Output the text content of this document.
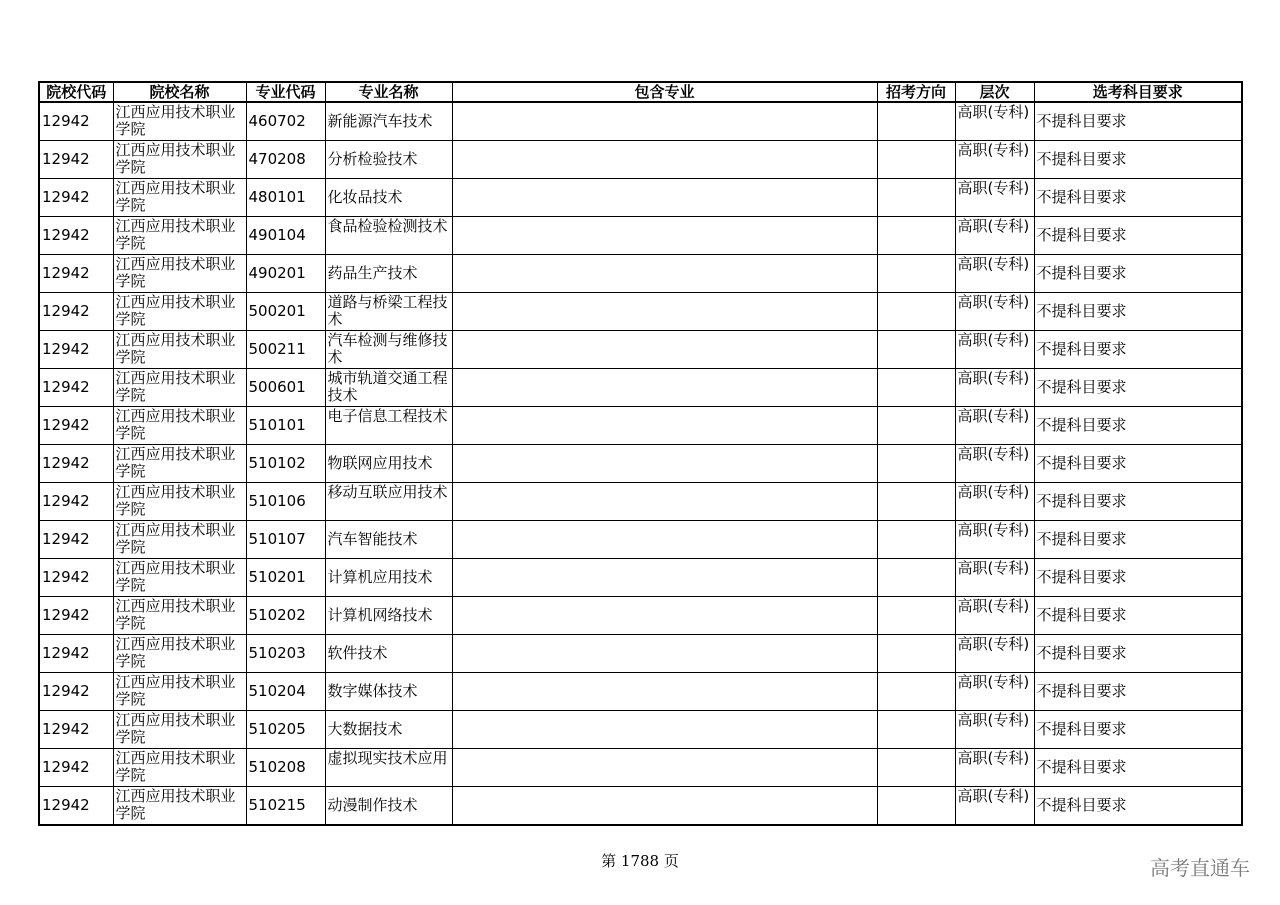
院校代码	院校名称	专业代码	专业名称	包含专业	招考方向	层次	选考科目要求
12942	江西应用技术职业学院	460702	新能源汽车技术			高职(专科)	不提科目要求
12942	江西应用技术职业学院	470208	分析检验技术			高职(专科)	不提科目要求
12942	江西应用技术职业学院	480101	化妆品技术			高职(专科)	不提科目要求
12942	江西应用技术职业学院	490104	食品检验检测技术			高职(专科)	不提科目要求
12942	江西应用技术职业学院	490201	药品生产技术			高职(专科)	不提科目要求
12942	江西应用技术职业学院	500201	道路与桥梁工程技术			高职(专科)	不提科目要求
12942	江西应用技术职业学院	500211	汽车检测与维修技术			高职(专科)	不提科目要求
12942	江西应用技术职业学院	500601	城市轨道交通工程技术			高职(专科)	不提科目要求
12942	江西应用技术职业学院	510101	电子信息工程技术			高职(专科)	不提科目要求
12942	江西应用技术职业学院	510102	物联网应用技术			高职(专科)	不提科目要求
12942	江西应用技术职业学院	510106	移动互联应用技术			高职(专科)	不提科目要求
12942	江西应用技术职业学院	510107	汽车智能技术			高职(专科)	不提科目要求
12942	江西应用技术职业学院	510201	计算机应用技术			高职(专科)	不提科目要求
12942	江西应用技术职业学院	510202	计算机网络技术			高职(专科)	不提科目要求
12942	江西应用技术职业学院	510203	软件技术			高职(专科)	不提科目要求
12942	江西应用技术职业学院	510204	数字媒体技术			高职(专科)	不提科目要求
12942	江西应用技术职业学院	510205	大数据技术			高职(专科)	不提科目要求
12942	江西应用技术职业学院	510208	虚拟现实技术应用			高职(专科)	不提科目要求
12942	江西应用技术职业学院	510215	动漫制作技术			高职(专科)	不提科目要求
第 1788 页	高考直通车
